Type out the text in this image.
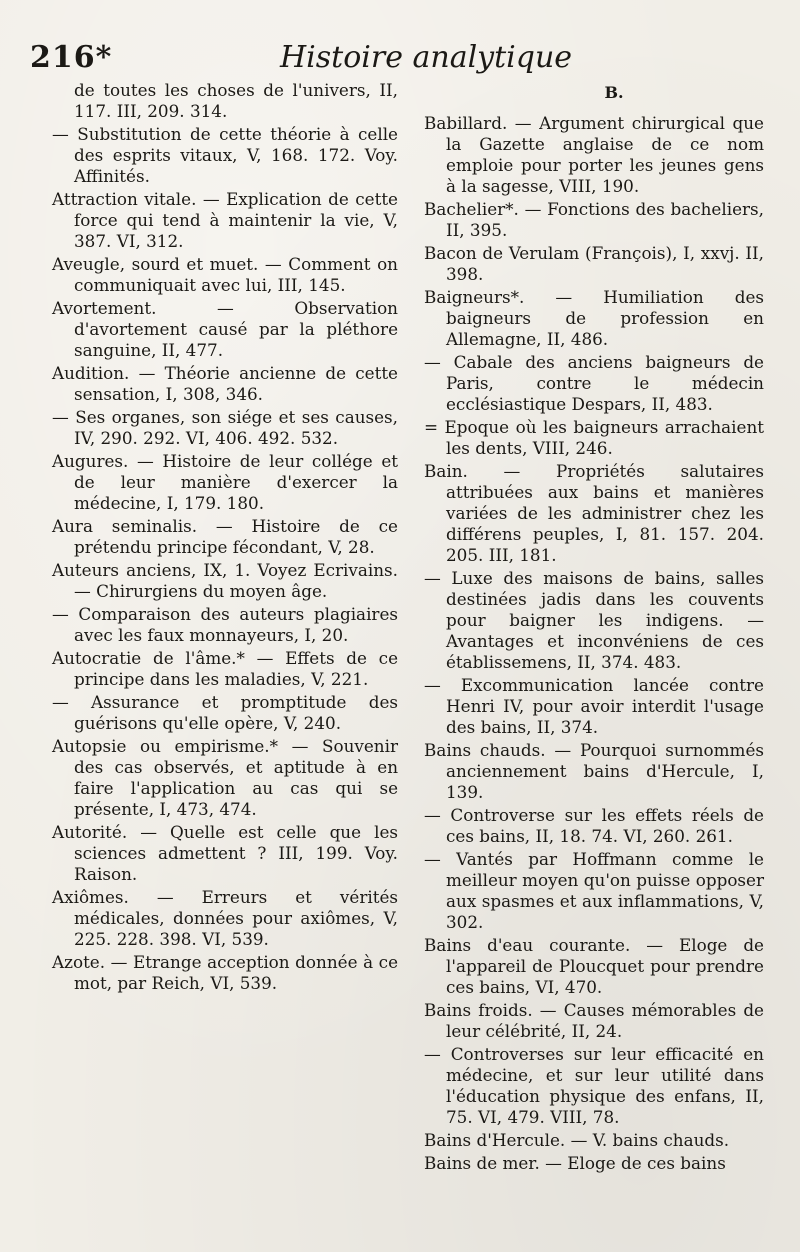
216*	Histoire analytique

de toutes les choses de l'univers, II, 117. III, 209. 314.

— Substitution de cette théorie à celle des esprits vitaux, V, 168. 172. Voy. Affinités.

Attraction vitale. — Explication de cette force qui tend à maintenir la vie, V, 387. VI, 312.

Aveugle, sourd et muet. — Comment on communiquait avec lui, III, 145.

Avortement. — Observation d'avortement causé par la pléthore sanguine, II, 477.

Audition. — Théorie ancienne de cette sensation, I, 308, 346.

— Ses organes, son siége et ses causes, IV, 290. 292. VI, 406. 492. 532.

Augures. — Histoire de leur collége et de leur manière d'exercer la médecine, I, 179. 180.

Aura seminalis. — Histoire de ce prétendu principe fécondant, V, 28.

Auteurs anciens, IX, 1. Voyez Ecrivains. — Chirurgiens du moyen âge.

— Comparaison des auteurs plagiaires avec les faux monnayeurs, I, 20.

Autocratie de l'âme.* — Effets de ce principe dans les maladies, V, 221.

— Assurance et promptitude des guérisons qu'elle opère, V, 240.

Autopsie ou empirisme.* — Souvenir des cas observés, et aptitude à en faire l'application au cas qui se présente, I, 473, 474.

Autorité. — Quelle est celle que les sciences admettent ? III, 199. Voy. Raison.

Axiômes. — Erreurs et vérités médicales, données pour axiômes, V, 225. 228. 398. VI, 539.

Azote. — Etrange acception donnée à ce mot, par Reich, VI, 539.

B.

Babillard. — Argument chirurgical que la Gazette anglaise de ce nom emploie pour porter les jeunes gens à la sagesse, VIII, 190.

Bachelier*. — Fonctions des bacheliers, II, 395.

Bacon de Verulam (François), I, xxvj. II, 398.

Baigneurs*. — Humiliation des baigneurs de profession en Allemagne, II, 486.

— Cabale des anciens baigneurs de Paris, contre le médecin ecclésiastique Despars, II, 483.

= Epoque où les baigneurs arrachaient les dents, VIII, 246.

Bain. — Propriétés salutaires attribuées aux bains et manières variées de les administrer chez les différens peuples, I, 81. 157. 204. 205. III, 181.

— Luxe des maisons de bains, salles destinées jadis dans les couvents pour baigner les indigens. — Avantages et inconvéniens de ces établissemens, II, 374. 483.

— Excommunication lancée contre Henri IV, pour avoir interdit l'usage des bains, II, 374.

Bains chauds. — Pourquoi surnommés anciennement bains d'Hercule, I, 139.

— Controverse sur les effets réels de ces bains, II, 18. 74. VI, 260. 261.

— Vantés par Hoffmann comme le meilleur moyen qu'on puisse opposer aux spasmes et aux inflammations, V, 302.

Bains d'eau courante. — Eloge de l'appareil de Ploucquet pour prendre ces bains, VI, 470.

Bains froids. — Causes mémorables de leur célébrité, II, 24.

— Controverses sur leur efficacité en médecine, et sur leur utilité dans l'éducation physique des enfans, II, 75. VI, 479. VIII, 78.

Bains d'Hercule. — V. bains chauds.

Bains de mer. — Eloge de ces bains
